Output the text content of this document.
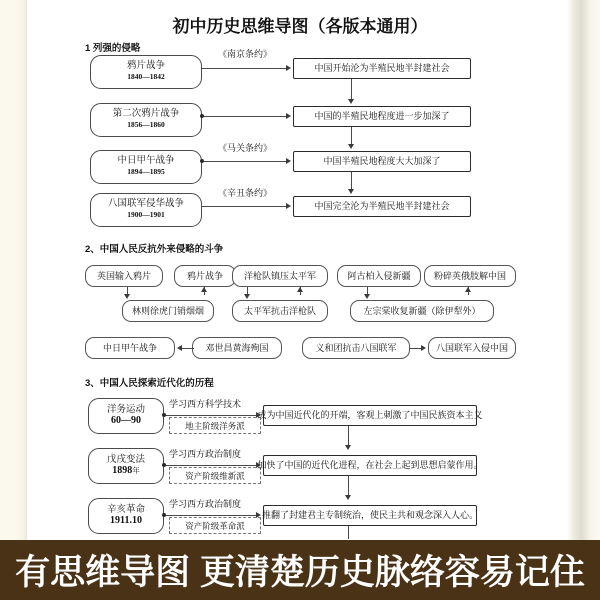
初中历史思维导图（各版本通用）
1 列强的侵略
鸦片战争
1840—1842
第二次鸦片战争
1856—1860
中日甲午战争
1894—1895
八国联军侵华战争
1900—1901
中国开始沦为半殖民地半封建社会
中国的半殖民地程度进一步加深了
中国半殖民地程度大大加深了
中国完全沦为半殖民地半封建社会
《南京条约》
《马关条约》
《辛丑条约》
2、中国人民反抗外来侵略的斗争
英国输入鸦片	鸦片战争 洋枪队镇压太平军	阿古柏入侵新疆	粉碎英俄肢解中国
林则徐虎门销烟烟	太平军抗击洋枪队	左宗棠收复新疆（除伊犁外）
中日甲午战争	邓世昌黄海殉国	义和团抗击八国联军	八国联军入侵中国
3、中国人民探索近代化的历程
洋务运动
60—90
学习西方科学技术
地主阶级洋务派
成为中国近代化的开端，客观上刺激了中国民族资本主义
戊戌变法
1898年
学习西方政治制度
资产阶级维新派
加快了中国的近代化进程，在社会上起到思想启蒙作用。
辛亥革命
1911.10
学习西方政治制度
资产阶级革命派
推翻了封建君主专制统治，使民主共和观念深入人心。
有思维导图 更清楚历史脉络容易记住
